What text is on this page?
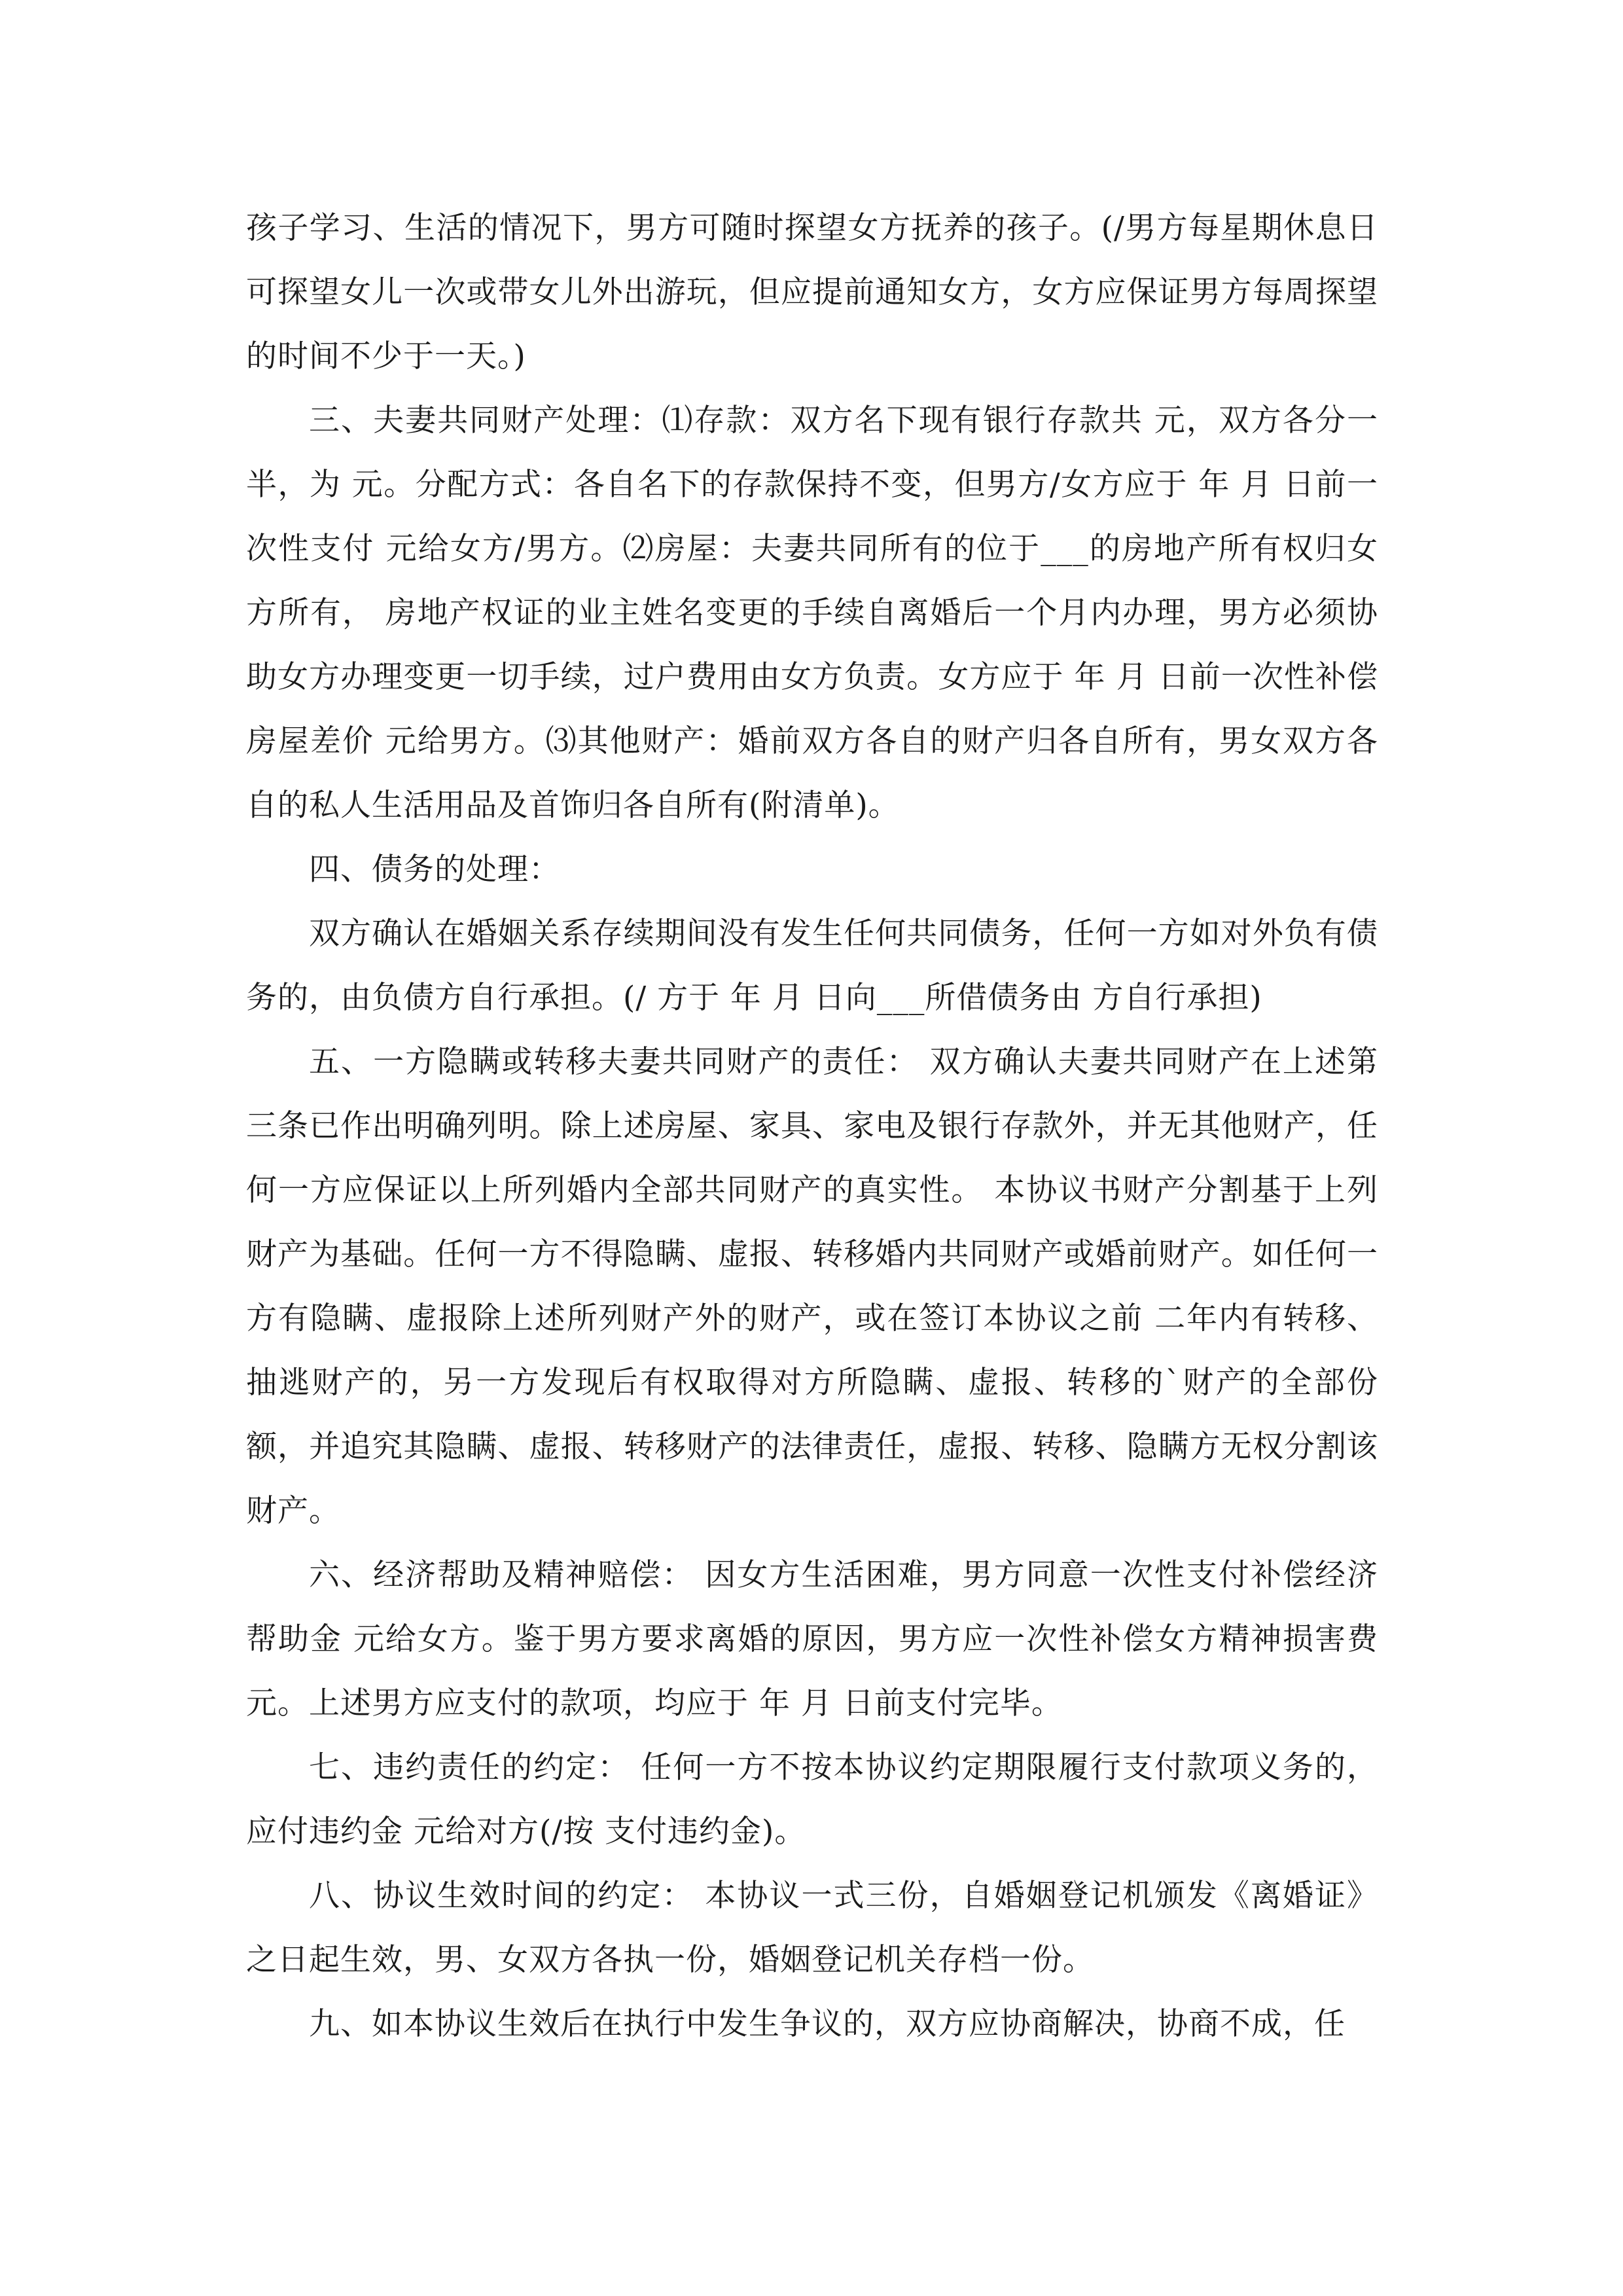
孩子学习、生活的情况下，男方可随时探望女方抚养的孩子。(/男方每星期休息日可探望女儿一次或带女儿外出游玩，但应提前通知女方，女方应保证男方每周探望的时间不少于一天。)

三、夫妻共同财产处理：⑴存款：双方名下现有银行存款共 元，双方各分一半，为 元。分配方式：各自名下的存款保持不变，但男方/女方应于 年 月 日前一次性支付 元给女方/男方。⑵房屋：夫妻共同所有的位于___的房地产所有权归女方所有， 房地产权证的业主姓名变更的手续自离婚后一个月内办理，男方必须协助女方办理变更一切手续，过户费用由女方负责。女方应于 年 月 日前一次性补偿房屋差价 元给男方。⑶其他财产：婚前双方各自的财产归各自所有，男女双方各自的私人生活用品及首饰归各自所有(附清单)。

四、债务的处理：

双方确认在婚姻关系存续期间没有发生任何共同债务，任何一方如对外负有债务的，由负债方自行承担。(/ 方于 年 月 日向___所借债务由 方自行承担)

五、一方隐瞒或转移夫妻共同财产的责任： 双方确认夫妻共同财产在上述第三条已作出明确列明。除上述房屋、家具、家电及银行存款外，并无其他财产，任何一方应保证以上所列婚内全部共同财产的真实性。 本协议书财产分割基于上列财产为基础。任何一方不得隐瞒、虚报、转移婚内共同财产或婚前财产。如任何一方有隐瞒、虚报除上述所列财产外的财产，或在签订本协议之前 二年内有转移、抽逃财产的，另一方发现后有权取得对方所隐瞒、虚报、转移的`财产的全部份额，并追究其隐瞒、虚报、转移财产的法律责任，虚报、转移、隐瞒方无权分割该财产。

六、经济帮助及精神赔偿： 因女方生活困难，男方同意一次性支付补偿经济帮助金 元给女方。鉴于男方要求离婚的原因，男方应一次性补偿女方精神损害费 元。上述男方应支付的款项，均应于 年 月 日前支付完毕。

七、违约责任的约定： 任何一方不按本协议约定期限履行支付款项义务的，应付违约金 元给对方(/按 支付违约金)。

八、协议生效时间的约定： 本协议一式三份，自婚姻登记机颁发《离婚证》之日起生效，男、女双方各执一份，婚姻登记机关存档一份。

九、如本协议生效后在执行中发生争议的，双方应协商解决，协商不成，任
